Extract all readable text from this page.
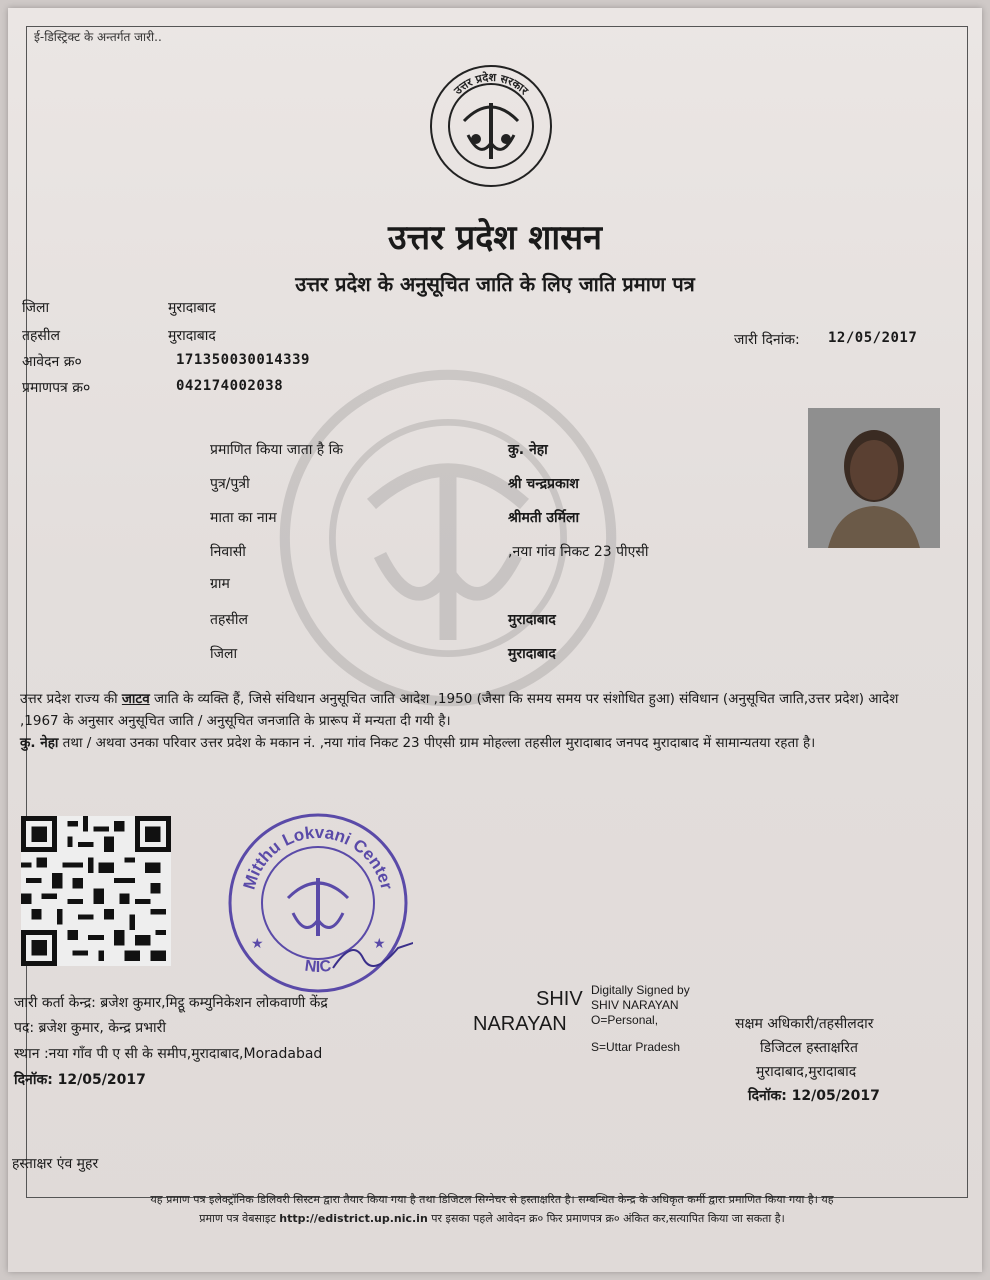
ई-डिस्ट्रिक्ट के अन्तर्गत जारी..
उत्तर प्रदेश सरकार
उत्तर प्रदेश शासन
उत्तर प्रदेश के अनुसूचित जाति के लिए जाति प्रमाण पत्र
जिला	मुरादाबाद
तहसील	मुरादाबाद
आवेदन क्र०	171350030014339
प्रमाणपत्र क्र०	042174002038
जारी दिनांक: 12/05/2017
प्रमाणित किया जाता है कि	कु. नेहा
पुत्र/पुत्री	श्री चन्द्रप्रकाश
माता का नाम	श्रीमती उर्मिला
निवासी	,नया गांव निकट 23 पीएसी
ग्राम
तहसील	मुरादाबाद
जिला	मुरादाबाद
उत्तर प्रदेश राज्य की जाटव जाति के व्यक्ति हैं, जिसे संविधान अनुसूचित जाति आदेश ,1950 (जैसा कि समय समय पर संशोधित हुआ) संविधान (अनुसूचित जाति,उत्तर प्रदेश) आदेश ,1967 के अनुसार अनुसूचित जाति / अनुसूचित जनजाति के प्रारूप में मन्यता दी गयी है।
कु. नेहा तथा / अथवा उनका परिवार उत्तर प्रदेश के मकान नं. ,नया गांव निकट 23 पीएसी ग्राम मोहल्ला तहसील मुरादाबाद जनपद मुरादाबाद में सामान्यतया रहता है।
Mitthu Lokvani Center
NIC
★	★
SHIV
NARAYAN
Digitally Signed by
SHIV NARAYAN
O=Personal,
S=Uttar Pradesh
जारी कर्ता केन्द्र: ब्रजेश कुमार,मिट्ठू कम्युनिकेशन लोकवाणी केंद्र
पद: ब्रजेश कुमार, केन्द्र प्रभारी
स्थान :नया गाँव पी ए सी के समीप,मुरादाबाद,Moradabad
दिनॉक: 12/05/2017
सक्षम अधिकारी/तहसीलदार
डिजिटल हस्ताक्षरित
मुरादाबाद,मुरादाबाद
दिनॉक: 12/05/2017
हस्ताक्षर एंव मुहर
यह प्रमाण पत्र इलेक्ट्रॉनिक डिलिवरी सिस्टम द्वारा तैयार किया गया है तथा डिजिटल सिग्नेचर से हस्ताक्षरित है। सम्बन्धित केन्द्र के अधिकृत कर्मी द्वारा प्रमाणित किया गया है। यह
प्रमाण पत्र वेबसाइट http://edistrict.up.nic.in पर इसका पहले आवेदन क्र० फिर प्रमाणपत्र क्र० अंकित कर,सत्यापित किया जा सकता है।
